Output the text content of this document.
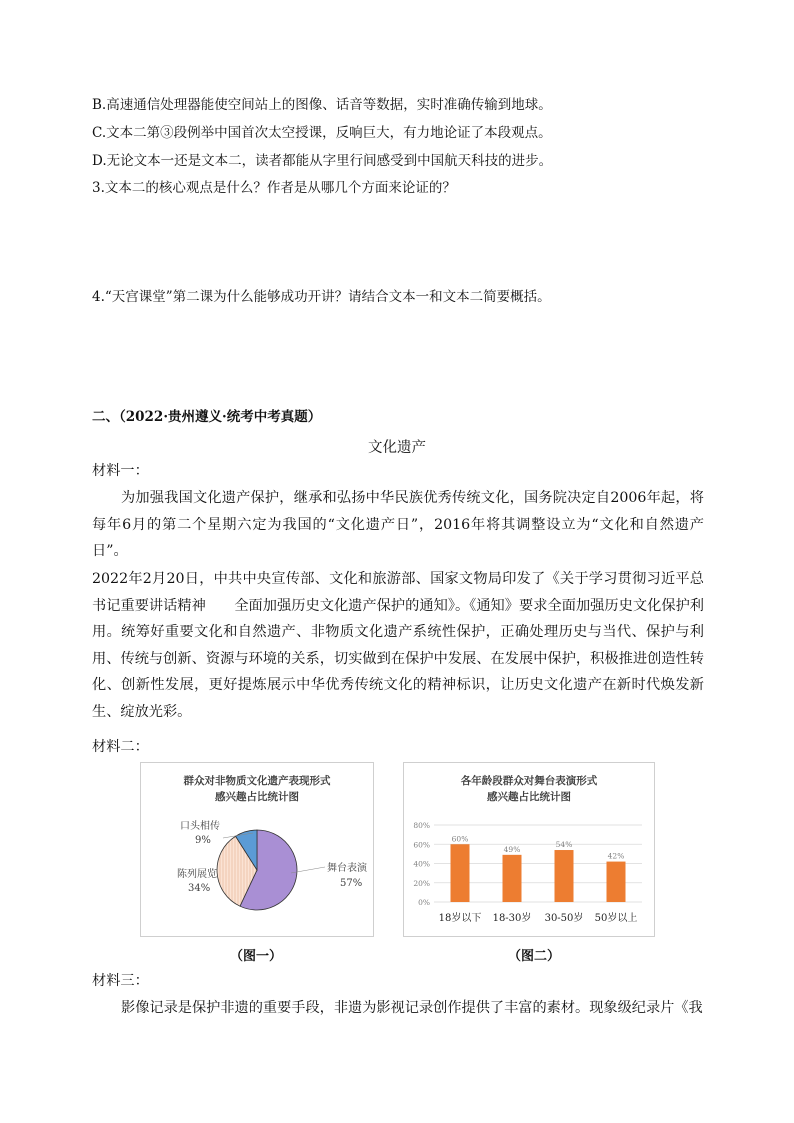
B.高速通信处理器能使空间站上的图像、话音等数据，实时准确传输到地球。
C.文本二第③段例举中国首次太空授课，反响巨大，有力地论证了本段观点。
D.无论文本一还是文本二，读者都能从字里行间感受到中国航天科技的进步。
3.文本二的核心观点是什么？作者是从哪几个方面来论证的？
4.“天宫课堂”第二课为什么能够成功开讲？请结合文本一和文本二简要概括。
二、（2022·贵州遵义·统考中考真题）
文化遗产
材料一：
为加强我国文化遗产保护，继承和弘扬中华民族优秀传统文化，国务院决定自2006年起，将每年6月的第二个星期六定为我国的“文化遗产日”，2016年将其调整设立为“文化和自然遗产日”。
2022年2月20日，中共中央宣传部、文化和旅游部、国家文物局印发了《关于学习贯彻习近平总书记重要讲话精神　　全面加强历史文化遗产保护的通知》。《通知》要求全面加强历史文化保护利用。统筹好重要文化和自然遗产、非物质文化遗产系统性保护，正确处理历史与当代、保护与利用、传统与创新、资源与环境的关系，切实做到在保护中发展、在发展中保护，积极推进创造性转化、创新性发展，更好提炼展示中华优秀传统文化的精神标识，让历史文化遗产在新时代焕发新生、绽放光彩。
材料二：
群众对非物质文化遗产表现形式
感兴趣占比统计图
口头相传
9%
陈列展览
34%
舞台表演
57%
各年龄段群众对舞台表演形式
感兴趣占比统计图
0%
20%
40%
60%
80%
60%
18岁以下
49%
18-30岁
54%
30-50岁
42%
50岁以上
（图一）	（图二）
材料三：
影像记录是保护非遗的重要手段，非遗为影视记录创作提供了丰富的素材。现象级纪录片《我
